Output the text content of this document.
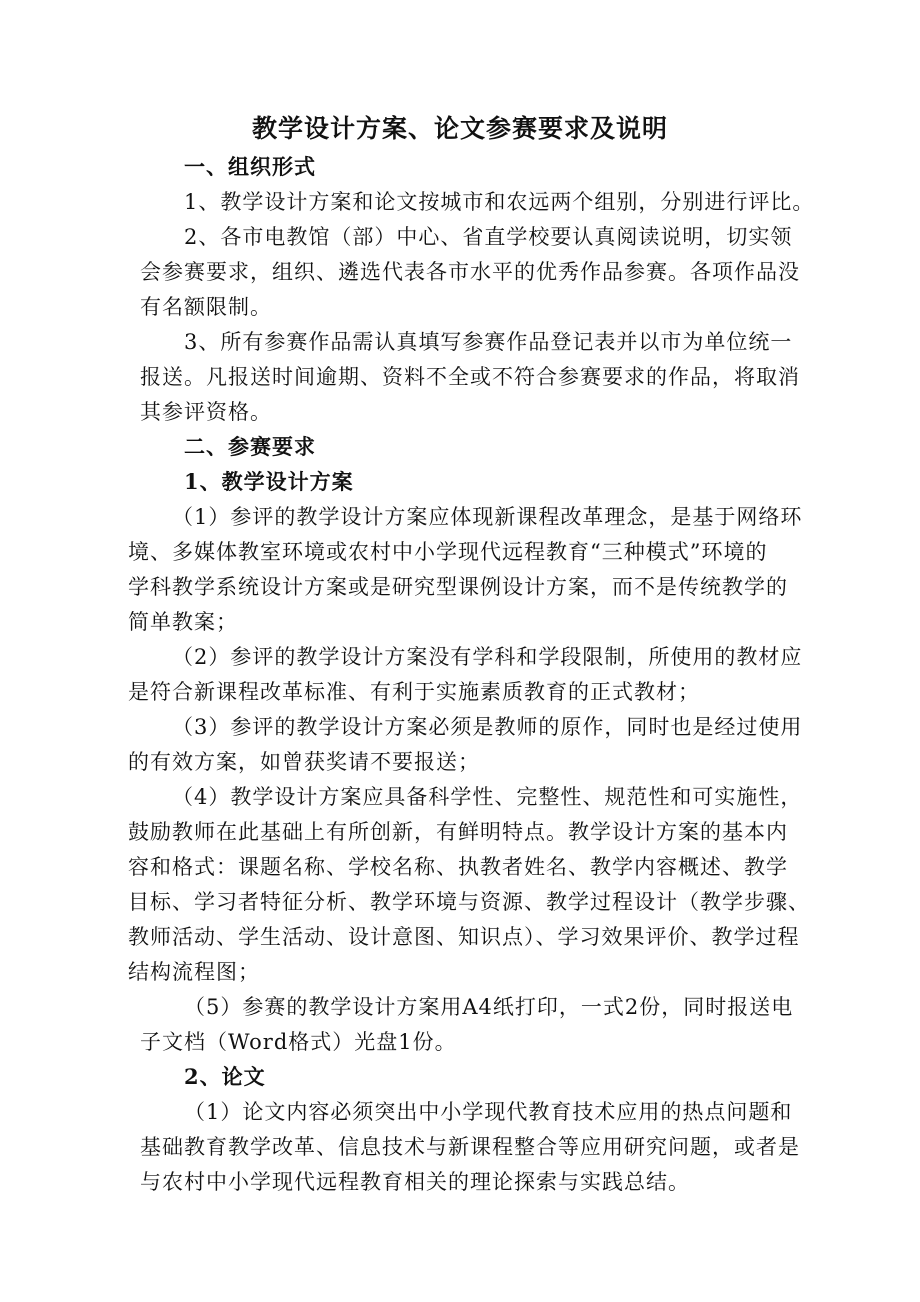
教学设计方案、论文参赛要求及说明
一、组织形式
1、教学设计方案和论文按城市和农远两个组别，分别进行评比。
2、各市电教馆（部）中心、省直学校要认真阅读说明，切实领
会参赛要求，组织、遴选代表各市水平的优秀作品参赛。各项作品没
有名额限制。
3、所有参赛作品需认真填写参赛作品登记表并以市为单位统一
报送。凡报送时间逾期、资料不全或不符合参赛要求的作品，将取消
其参评资格。
二、参赛要求
1、教学设计方案
（1）参评的教学设计方案应体现新课程改革理念，是基于网络环
境、多媒体教室环境或农村中小学现代远程教育“三种模式”环境的
学科教学系统设计方案或是研究型课例设计方案，而不是传统教学的
简单教案；
（2）参评的教学设计方案没有学科和学段限制，所使用的教材应
是符合新课程改革标准、有利于实施素质教育的正式教材；
（3）参评的教学设计方案必须是教师的原作，同时也是经过使用
的有效方案，如曾获奖请不要报送；
（4）教学设计方案应具备科学性、完整性、规范性和可实施性，
鼓励教师在此基础上有所创新，有鲜明特点。教学设计方案的基本内
容和格式：课题名称、学校名称、执教者姓名、教学内容概述、教学
目标、学习者特征分析、教学环境与资源、教学过程设计（教学步骤、
教师活动、学生活动、设计意图、知识点）、学习效果评价、教学过程
结构流程图；
（5）参赛的教学设计方案用A4纸打印，一式2份，同时报送电
子文档（Word格式）光盘1份。
2、论文
（1）论文内容必须突出中小学现代教育技术应用的热点问题和
基础教育教学改革、信息技术与新课程整合等应用研究问题，或者是
与农村中小学现代远程教育相关的理论探索与实践总结。
